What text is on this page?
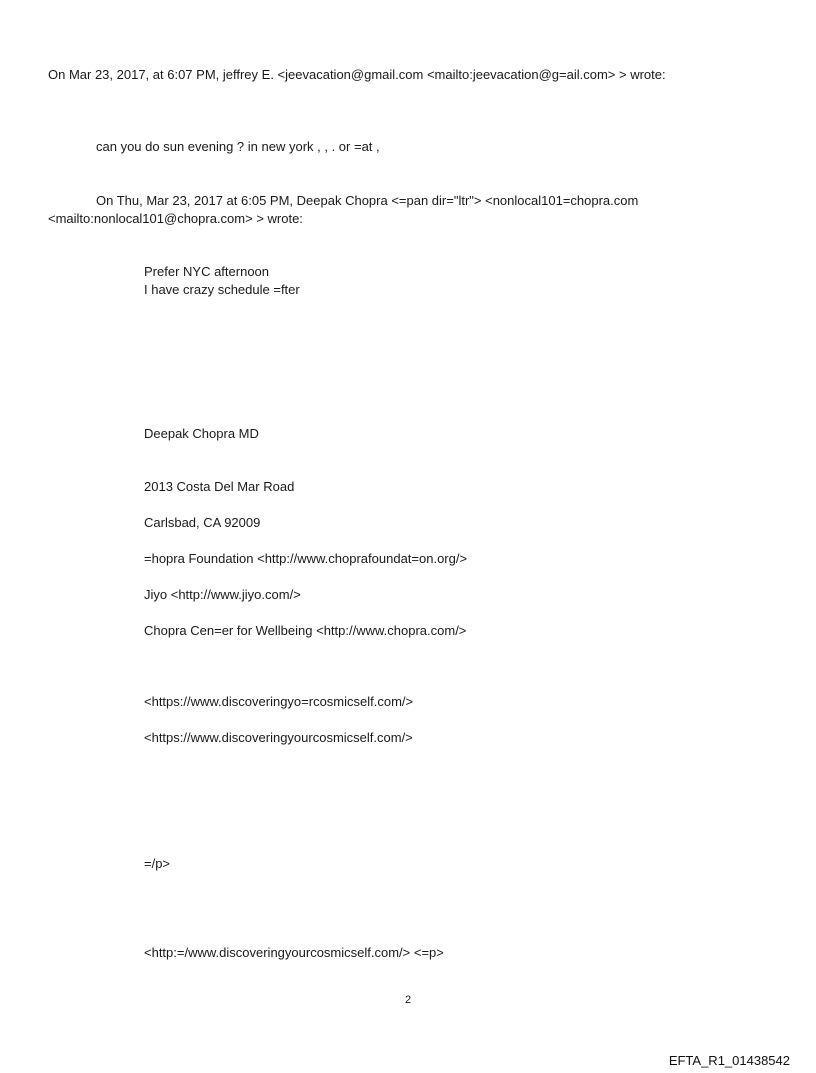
On Mar 23, 2017, at 6:07 PM, jeffrey E. <jeevacation@gmail.com <mailto:jeevacation@g=ail.com> > wrote:
can you do sun evening ? in new york , , . or =at ,
On Thu, Mar 23, 2017 at 6:05 PM, Deepak Chopra <=pan dir="ltr"> <nonlocal101=chopra.com
<mailto:nonlocal101@chopra.com> > wrote:
Prefer NYC afternoon
I have crazy schedule =fter
Deepak Chopra MD
2013 Costa Del Mar Road
Carlsbad, CA 92009
=hopra Foundation <http://www.choprafoundat=on.org/>
Jiyo <http://www.jiyo.com/>
Chopra Cen=er for Wellbeing <http://www.chopra.com/>
<https://www.discoveringyo=rcosmicself.com/>
<https://www.discoveringyourcosmicself.com/>
=/p>
<http:=/www.discoveringyourcosmicself.com/> <=p>
2
EFTA_R1_01438542
